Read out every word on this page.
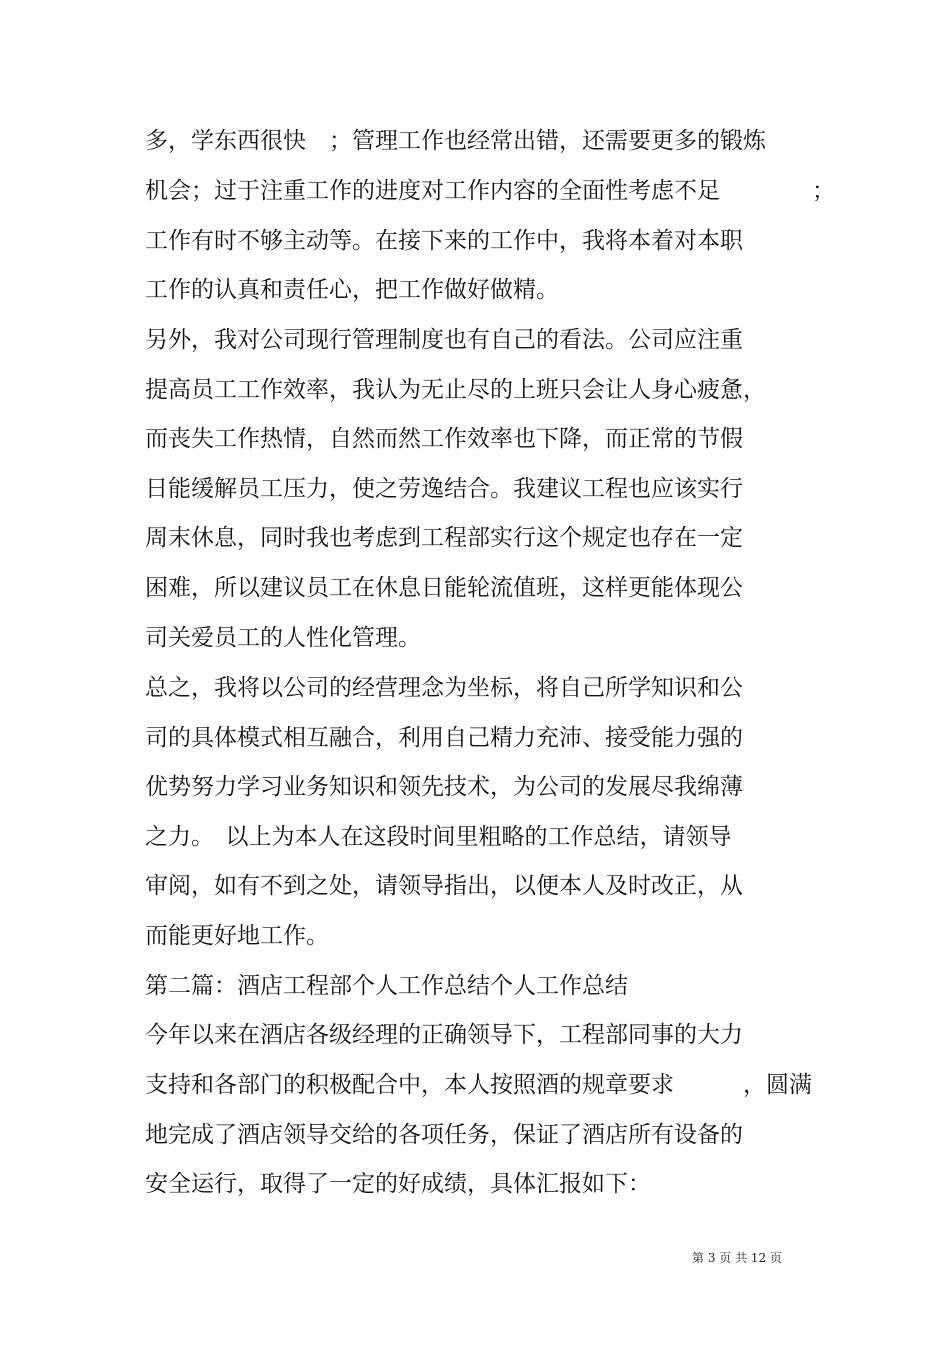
多，学东西很快　；管理工作也经常出错，还需要更多的锻炼

机会；过于注重工作的进度对工作内容的全面性考虑不足　　　　；

工作有时不够主动等。在接下来的工作中，我将本着对本职

工作的认真和责任心，把工作做好做精。

另外，我对公司现行管理制度也有自己的看法。公司应注重

提高员工工作效率，我认为无止尽的上班只会让人身心疲惫，

而丧失工作热情，自然而然工作效率也下降，而正常的节假

日能缓解员工压力，使之劳逸结合。我建议工程也应该实行

周末休息，同时我也考虑到工程部实行这个规定也存在一定

困难，所以建议员工在休息日能轮流值班，这样更能体现公

司关爱员工的人性化管理。

总之，我将以公司的经营理念为坐标，将自己所学知识和公

司的具体模式相互融合，利用自己精力充沛、接受能力强的

优势努力学习业务知识和领先技术，为公司的发展尽我绵薄

之力。　以上为本人在这段时间里粗略的工作总结，请领导

审阅，如有不到之处，请领导指出，以便本人及时改正，从

而能更好地工作。

第二篇：酒店工程部个人工作总结个人工作总结

今年以来在酒店各级经理的正确领导下，工程部同事的大力

支持和各部门的积极配合中，本人按照酒的规章要求　　　，圆满

地完成了酒店领导交给的各项任务，保证了酒店所有设备的

安全运行，取得了一定的好成绩，具体汇报如下：

第 3 页 共 12 页
